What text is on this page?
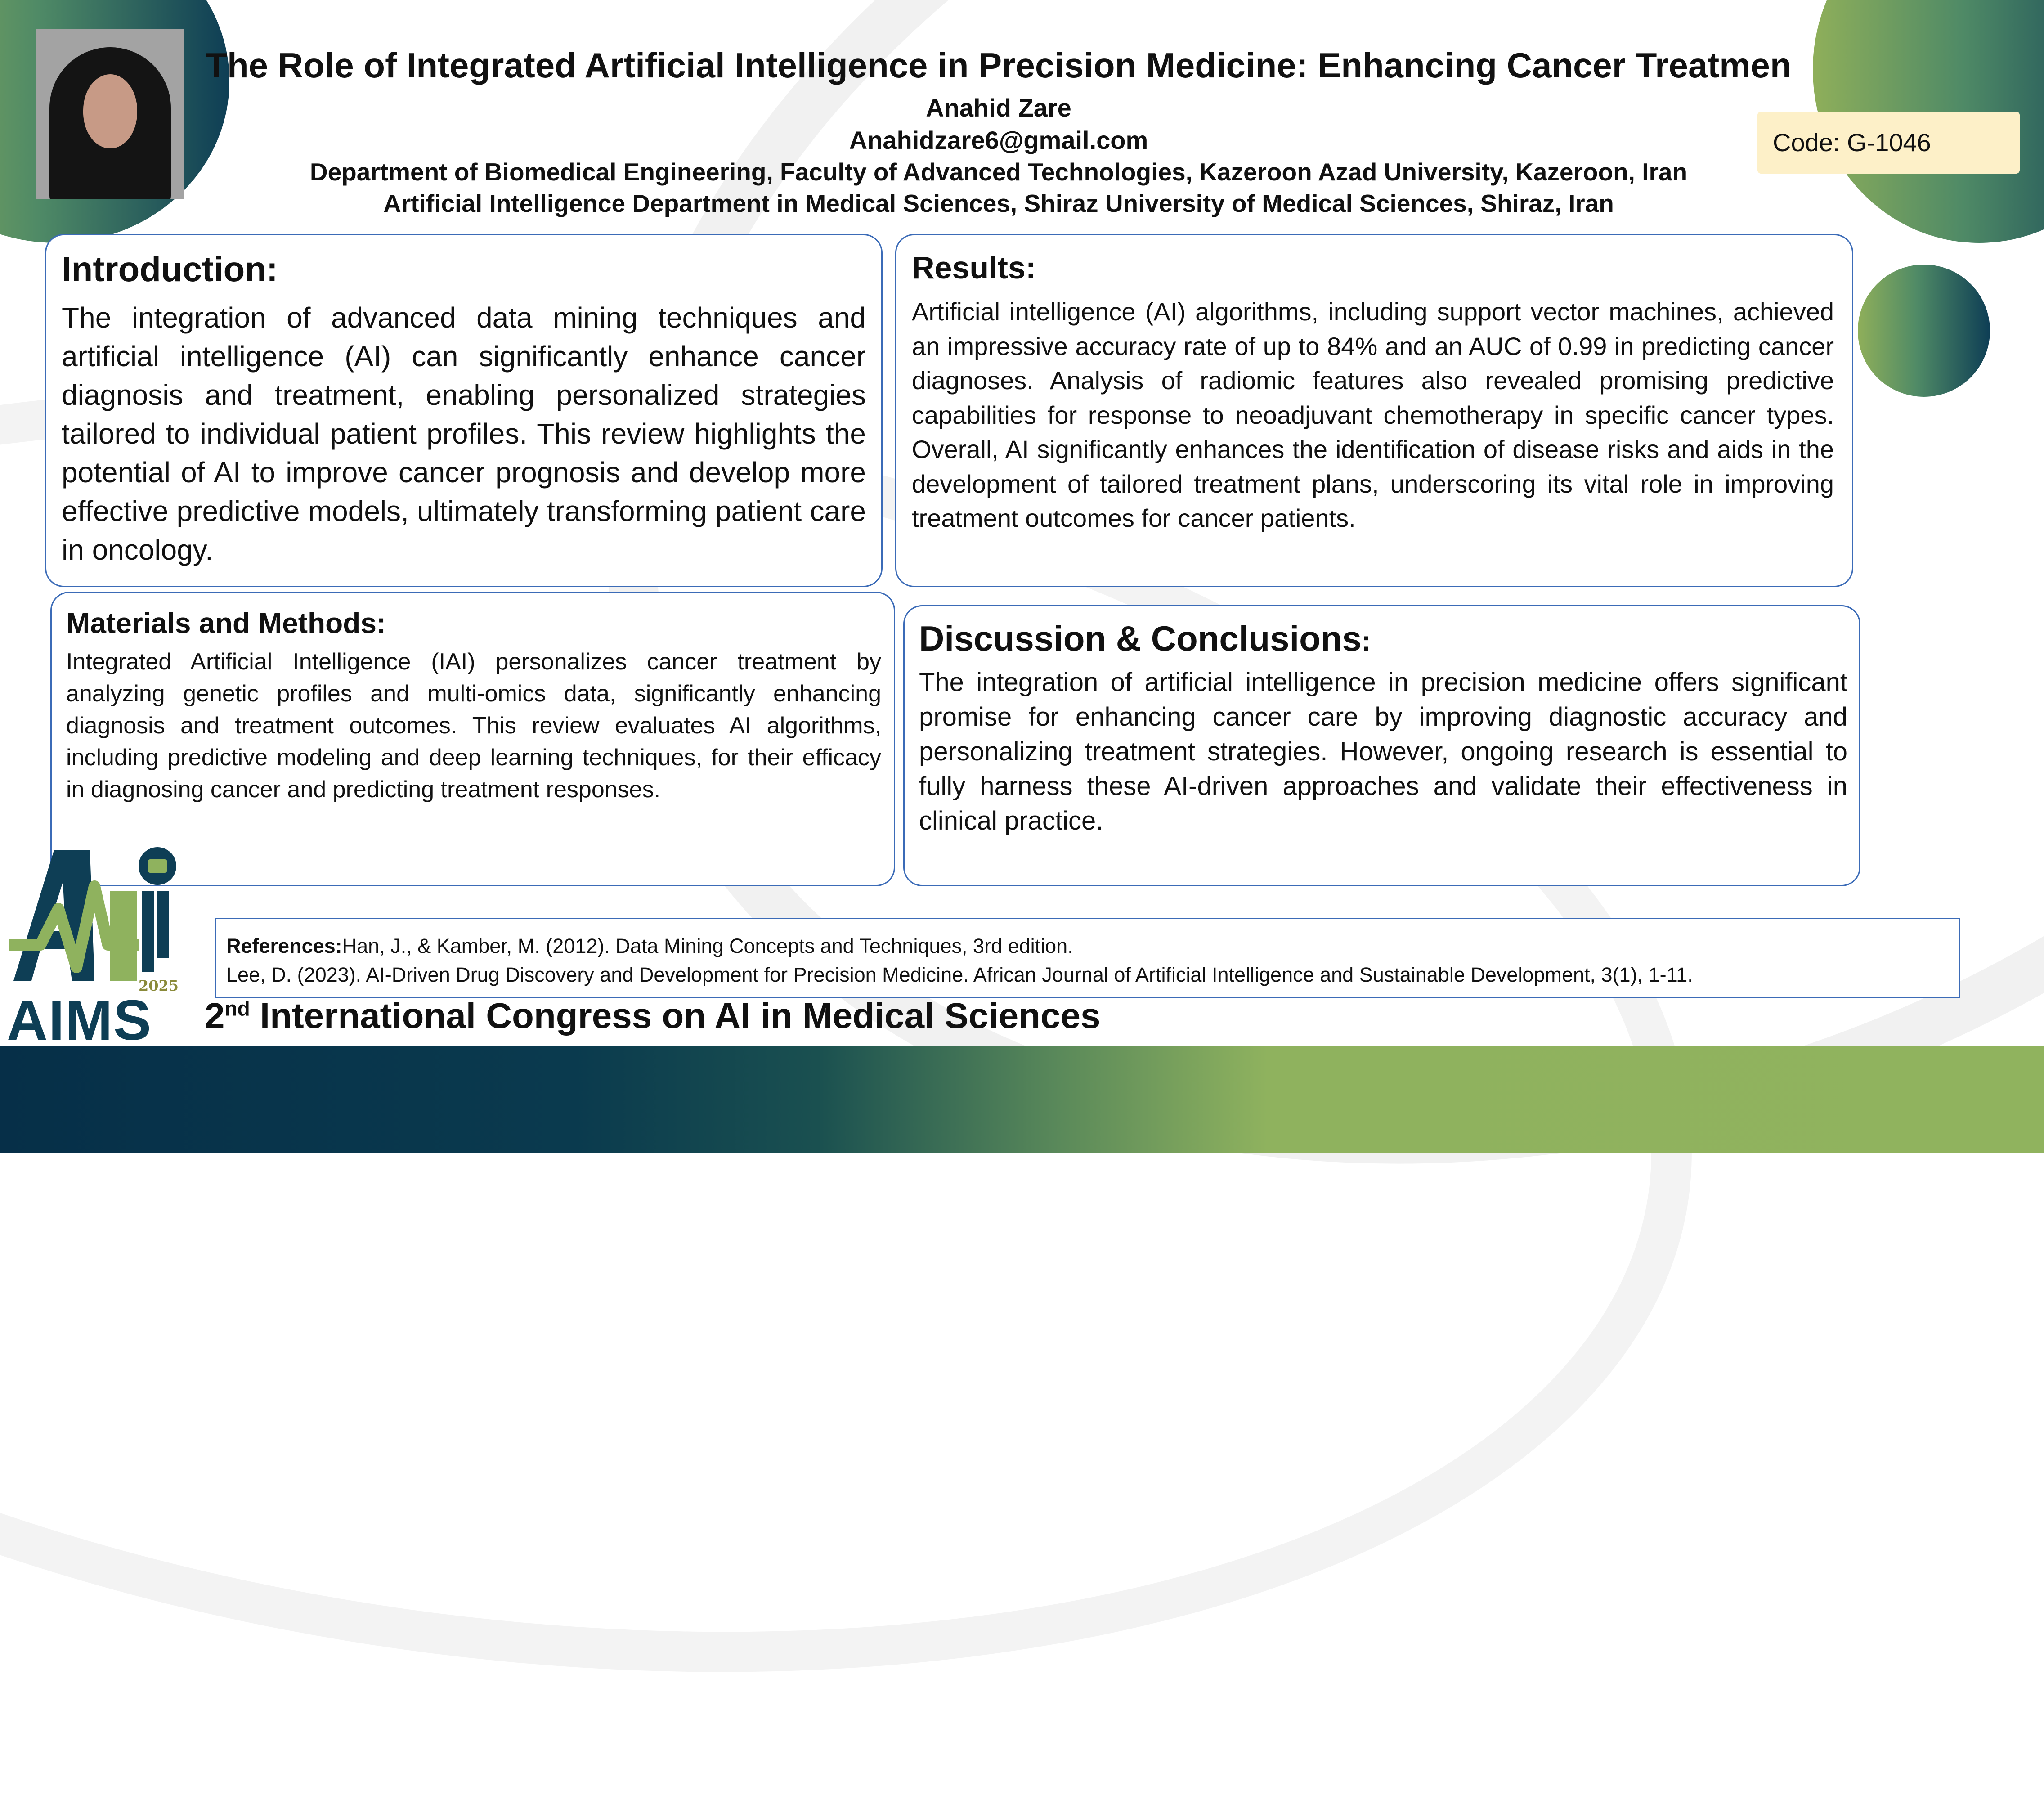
The Role of Integrated Artificial Intelligence in Precision Medicine: Enhancing Cancer Treatmen
Anahid Zare
Anahidzare6@gmail.com
Department of Biomedical Engineering, Faculty of Advanced Technologies, Kazeroon Azad University, Kazeroon, Iran
Artificial Intelligence Department in Medical Sciences, Shiraz University of Medical Sciences, Shiraz, Iran
Code: G-1046
Introduction:
The integration of advanced data mining techniques and artificial intelligence (AI) can significantly enhance cancer diagnosis and treatment, enabling personalized strategies tailored to individual patient profiles. This review highlights the potential of AI to improve cancer prognosis and develop more effective predictive models, ultimately transforming patient care in oncology.
Results:
Artificial intelligence (AI) algorithms, including support vector machines, achieved an impressive accuracy rate of up to 84% and an AUC of 0.99 in predicting cancer diagnoses. Analysis of radiomic features also revealed promising predictive capabilities for response to neoadjuvant chemotherapy in specific cancer types. Overall, AI significantly enhances the identification of disease risks and aids in the development of tailored treatment plans, underscoring its vital role in improving treatment outcomes for cancer patients.
Materials and Methods:
Integrated Artificial Intelligence (IAI) personalizes cancer treatment by analyzing genetic profiles and multi-omics data, significantly enhancing diagnosis and treatment outcomes. This review evaluates AI algorithms, including predictive modeling and deep learning techniques, for their efficacy in diagnosing cancer and predicting treatment responses.
Discussion & Conclusions:
The integration of artificial intelligence in precision medicine offers significant promise for enhancing cancer care by improving diagnostic accuracy and personalizing treatment strategies. However, ongoing research is essential to fully harness these AI-driven approaches and validate their effectiveness in clinical practice.
AIMS
2025
References:Han, J., & Kamber, M. (2012). Data Mining Concepts and Techniques, 3rd edition.
Lee, D. (2023). AI-Driven Drug Discovery and Development for Precision Medicine. African Journal of Artificial Intelligence and Sustainable Development, 3(1), 1-11.
2nd International Congress on AI in Medical Sciences
